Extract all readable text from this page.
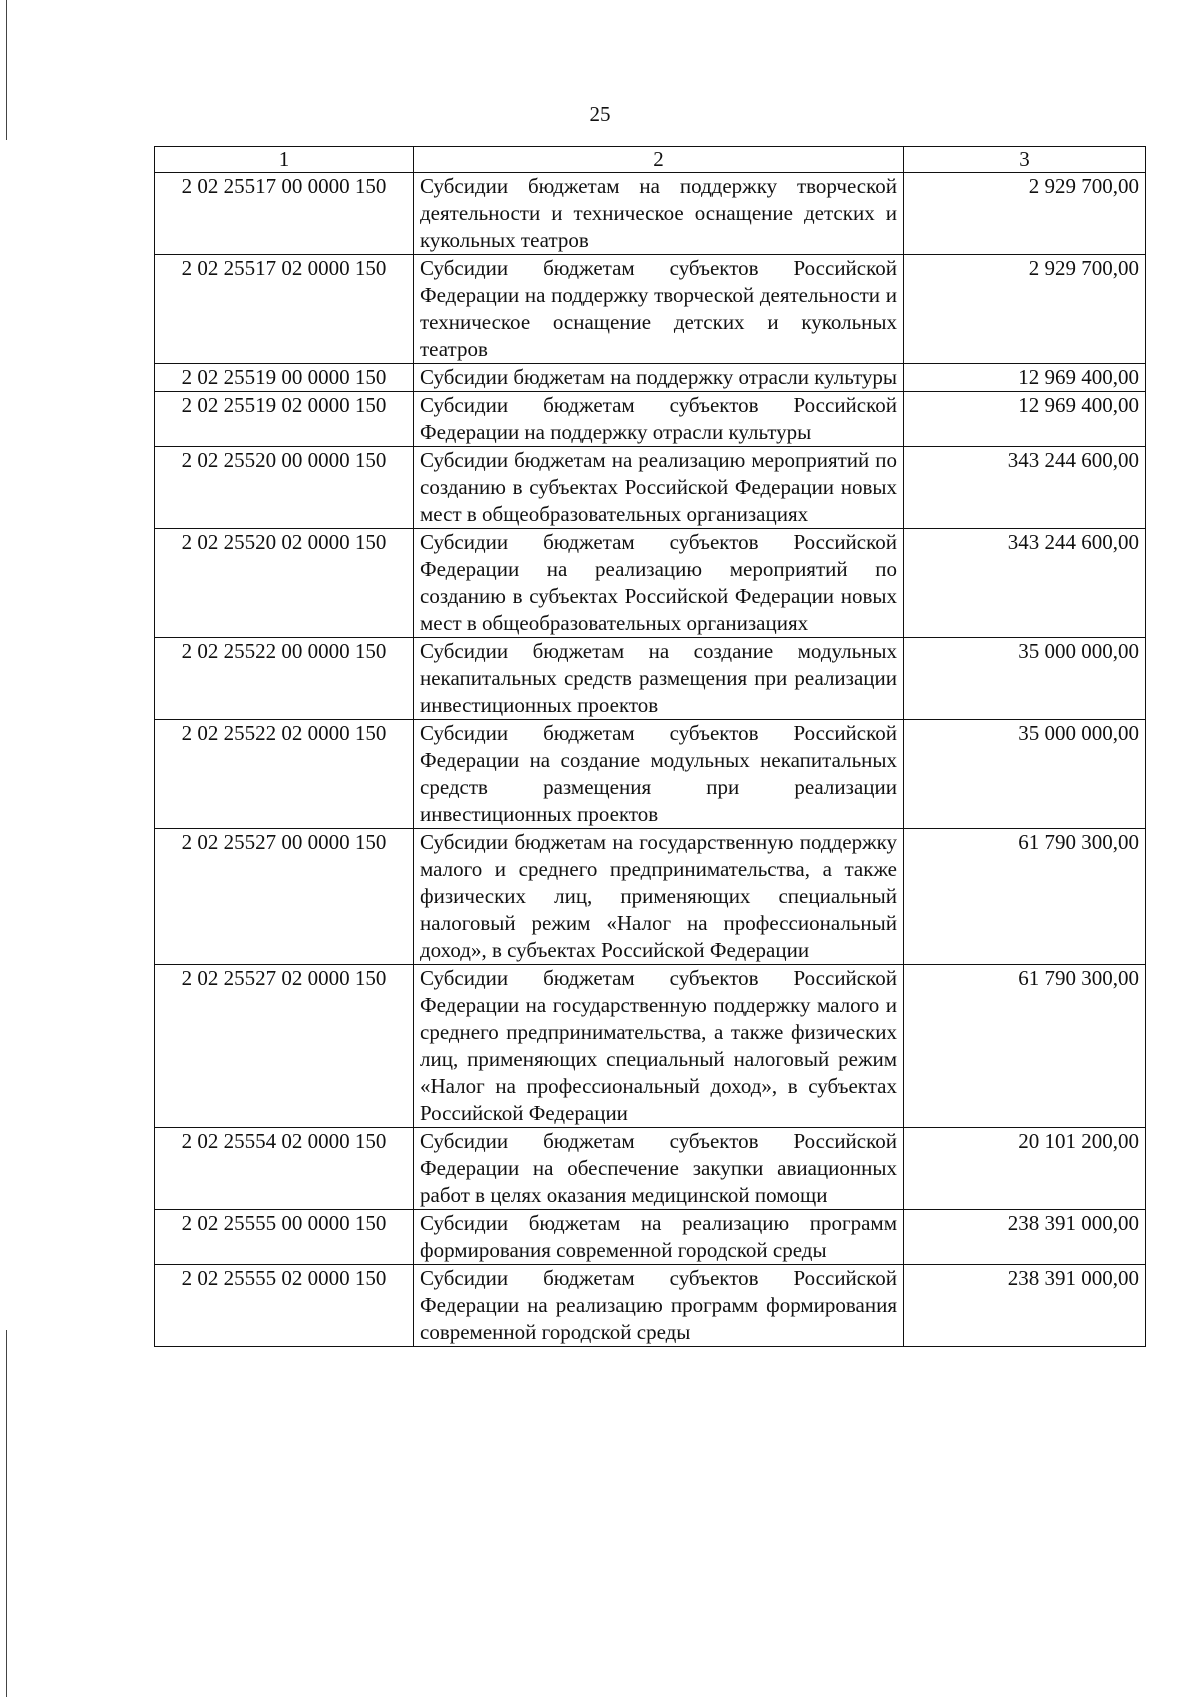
25
1	2	3
2 02 25517 00 0000 150	Субсидии бюджетам на поддержку творческой деятельности и техническое оснащение детских и кукольных театров	2 929 700,00
2 02 25517 02 0000 150	Субсидии бюджетам субъектов Российской Федерации на поддержку творческой деятельности и техническое оснащение детских и кукольных театров	2 929 700,00
2 02 25519 00 0000 150	Субсидии бюджетам на поддержку отрасли культуры	12 969 400,00
2 02 25519 02 0000 150	Субсидии бюджетам субъектов Российской Федерации на поддержку отрасли культуры	12 969 400,00
2 02 25520 00 0000 150	Субсидии бюджетам на реализацию мероприятий по созданию в субъектах Российской Федерации новых мест в общеобразовательных организациях	343 244 600,00
2 02 25520 02 0000 150	Субсидии бюджетам субъектов Российской Федерации на реализацию мероприятий по созданию в субъектах Российской Федерации новых мест в общеобразовательных организациях	343 244 600,00
2 02 25522 00 0000 150	Субсидии бюджетам на создание модульных некапитальных средств размещения при реализации инвестиционных проектов	35 000 000,00
2 02 25522 02 0000 150	Субсидии бюджетам субъектов Российской Федерации на создание модульных некапитальных средств размещения при реализации инвестиционных проектов	35 000 000,00
2 02 25527 00 0000 150	Субсидии бюджетам на государственную поддержку малого и среднего предпринимательства, а также физических лиц, применяющих специальный налоговый режим «Налог на профессиональный доход», в субъектах Российской Федерации	61 790 300,00
2 02 25527 02 0000 150	Субсидии бюджетам субъектов Российской Федерации на государственную поддержку малого и среднего предпринимательства, а также физических лиц, применяющих специальный налоговый режим «Налог на профессиональный доход», в субъектах Российской Федерации	61 790 300,00
2 02 25554 02 0000 150	Субсидии бюджетам субъектов Российской Федерации на обеспечение закупки авиационных работ в целях оказания медицинской помощи	20 101 200,00
2 02 25555 00 0000 150	Субсидии бюджетам на реализацию программ формирования современной городской среды	238 391 000,00
2 02 25555 02 0000 150	Субсидии бюджетам субъектов Российской Федерации на реализацию программ формирования современной городской среды	238 391 000,00
